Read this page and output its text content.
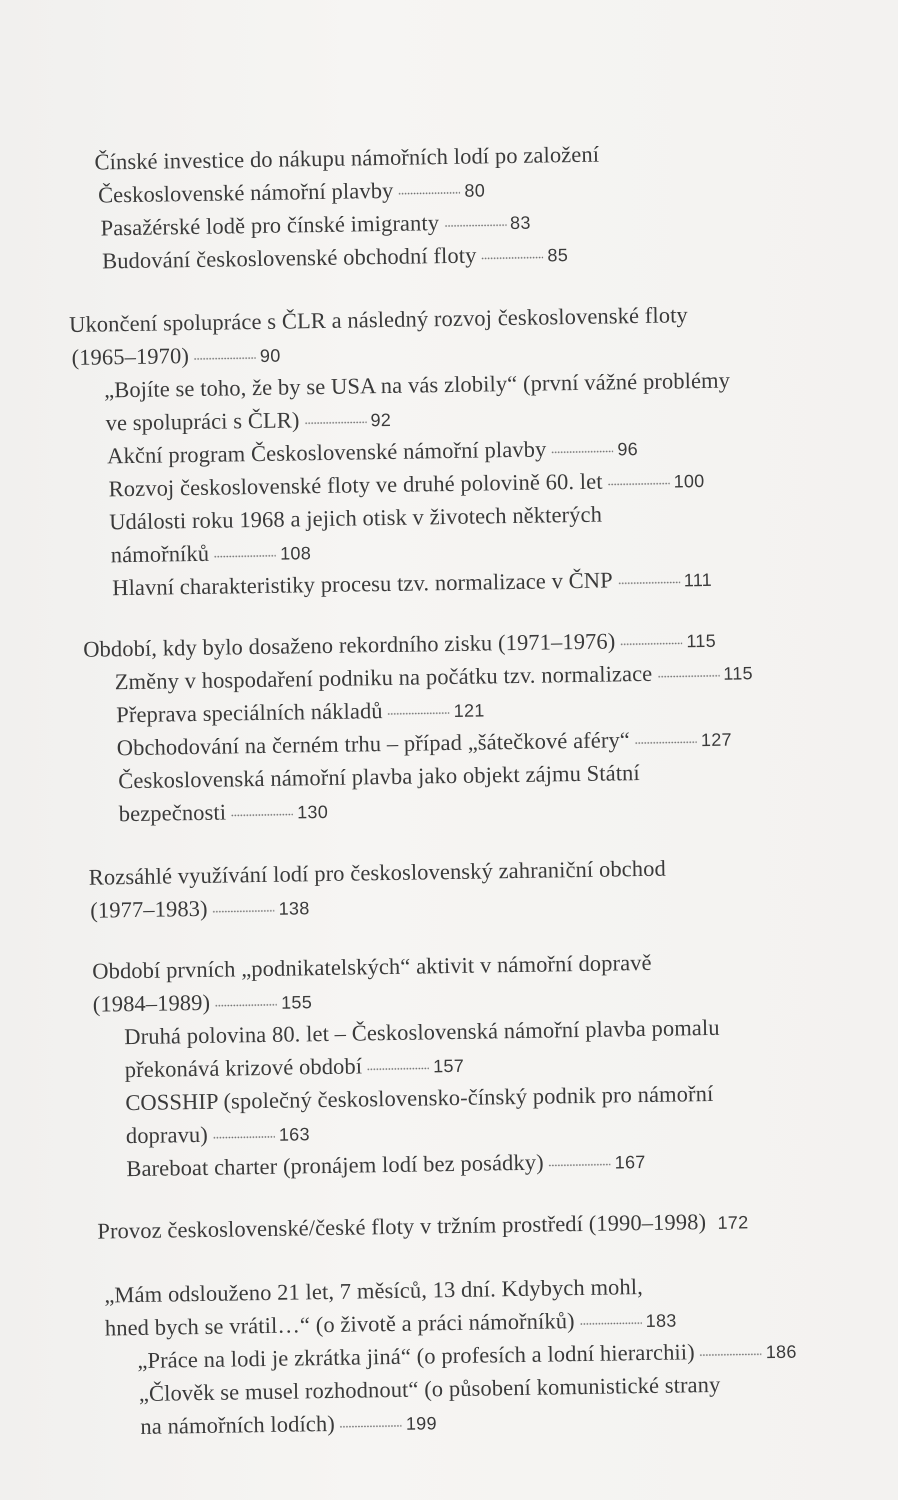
Čínské investice do nákupu námořních lodí po založení
Československé námořní plavby	80
Pasažérské lodě pro čínské imigranty	83
Budování československé obchodní floty	85
Ukončení spolupráce s ČLR a následný rozvoj československé floty
(1965–1970)	90
„Bojíte se toho, že by se USA na vás zlobily“ (první vážné problémy
ve spolupráci s ČLR)	92
Akční program Československé námořní plavby	96
Rozvoj československé floty ve druhé polovině 60. let	100
Události roku 1968 a jejich otisk v životech některých
námořníků	108
Hlavní charakteristiky procesu tzv. normalizace v ČNP	111
Období, kdy bylo dosaženo rekordního zisku (1971–1976)	115
Změny v hospodaření podniku na počátku tzv. normalizace	115
Přeprava speciálních nákladů	121
Obchodování na černém trhu – případ „šátečkové aféry“	127
Československá námořní plavba jako objekt zájmu Státní
bezpečnosti	130
Rozsáhlé využívání lodí pro československý zahraniční obchod
(1977–1983)	138
Období prvních „podnikatelských“ aktivit v námořní dopravě
(1984–1989)	155
Druhá polovina 80. let – Československá námořní plavba pomalu
překonává krizové období	157
COSSHIP (společný československo-čínský podnik pro námořní
dopravu)	163
Bareboat charter (pronájem lodí bez posádky)	167
Provoz československé/české floty v tržním prostředí (1990–1998) 172
„Mám odslouženo 21 let, 7 měsíců, 13 dní. Kdybych mohl,
hned bych se vrátil…“ (o životě a práci námořníků)	183
„Práce na lodi je zkrátka jiná“ (o profesích a lodní hierarchii)	186
„Člověk se musel rozhodnout“ (o působení komunistické strany
na námořních lodích)	199
